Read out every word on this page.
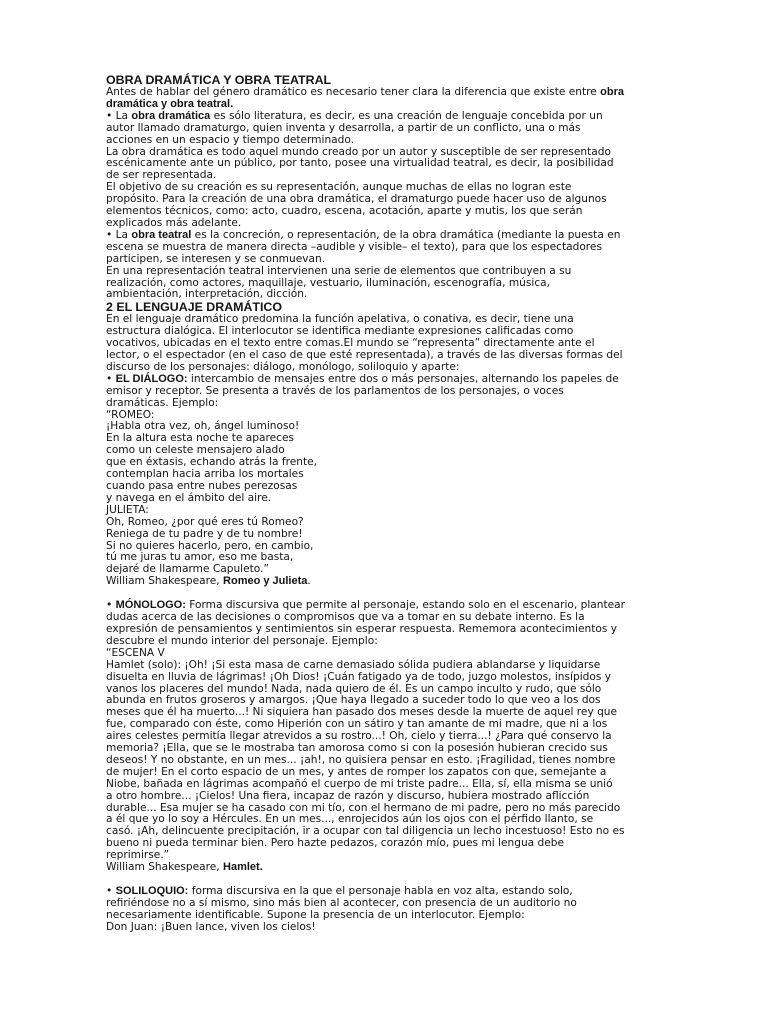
OBRA DRAMÁTICA Y OBRA TEATRAL

Antes de hablar del género dramático es necesario tener clara la diferencia que existe entre obra

dramática y obra teatral.

• La obra dramática es sólo literatura, es decir, es una creación de lenguaje concebida por un

autor llamado dramaturgo, quien inventa y desarrolla, a partir de un conflicto, una o más

acciones en un espacio y tiempo determinado.

La obra dramática es todo aquel mundo creado por un autor y susceptible de ser representado

escénicamente ante un público, por tanto, posee una virtualidad teatral, es decir, la posibilidad

de ser representada.

El objetivo de su creación es su representación, aunque muchas de ellas no logran este

propósito. Para la creación de una obra dramática, el dramaturgo puede hacer uso de algunos

elementos técnicos, como: acto, cuadro, escena, acotación, aparte y mutis, los que serán

explicados más adelante.

• La obra teatral es la concreción, o representación, de la obra dramática (mediante la puesta en

escena se muestra de manera directa –audible y visible– el texto), para que los espectadores

participen, se interesen y se conmuevan.

En una representación teatral intervienen una serie de elementos que contribuyen a su

realización, como actores, maquillaje, vestuario, iluminación, escenografía, música,

ambientación, interpretación, dicción.

2 EL LENGUAJE DRAMÁTICO

En el lenguaje dramático predomina la función apelativa, o conativa, es decir, tiene una

estructura dialógica. El interlocutor se identifica mediante expresiones calificadas como

vocativos, ubicadas en el texto entre comas.El mundo se “representa” directamente ante el

lector, o el espectador (en el caso de que esté representada), a través de las diversas formas del

discurso de los personajes: diálogo, monólogo, soliloquio y aparte:

• EL DIÁLOGO: intercambio de mensajes entre dos o más personajes, alternando los papeles de

emisor y receptor. Se presenta a través de los parlamentos de los personajes, o voces

dramáticas. Ejemplo:

“ROMEO:

¡Habla otra vez, oh, ángel luminoso!

En la altura esta noche te apareces

como un celeste mensajero alado

que en éxtasis, echando atrás la frente,

contemplan hacia arriba los mortales

cuando pasa entre nubes perezosas

y navega en el ámbito del aire.

JULIETA:

Oh, Romeo, ¿por qué eres tú Romeo?

Reniega de tu padre y de tu nombre!

Si no quieres hacerlo, pero, en cambio,

tú me juras tu amor, eso me basta,

dejaré de llamarme Capuleto.”

William Shakespeare, Romeo y Julieta.

• MÓNOLOGO: Forma discursiva que permite al personaje, estando solo en el escenario, plantear

dudas acerca de las decisiones o compromisos que va a tomar en su debate interno. Es la

expresión de pensamientos y sentimientos sin esperar respuesta. Rememora acontecimientos y

descubre el mundo interior del personaje. Ejemplo:

“ESCENA V

Hamlet (solo): ¡Oh! ¡Si esta masa de carne demasiado sólida pudiera ablandarse y liquidarse

disuelta en lluvia de lágrimas! ¡Oh Dios! ¡Cuán fatigado ya de todo, juzgo molestos, insípidos y

vanos los placeres del mundo! Nada, nada quiero de él. Es un campo inculto y rudo, que sólo

abunda en frutos groseros y amargos. ¡Que haya llegado a suceder todo lo que veo a los dos

meses que él ha muerto...! Ni siquiera han pasado dos meses desde la muerte de aquel rey que

fue, comparado con éste, como Hiperión con un sátiro y tan amante de mi madre, que ni a los

aires celestes permitía llegar atrevidos a su rostro...! Oh, cielo y tierra...! ¿Para qué conservo la

memoria? ¡Ella, que se le mostraba tan amorosa como si con la posesión hubieran crecido sus

deseos! Y no obstante, en un mes... ¡ah!, no quisiera pensar en esto. ¡Fragilidad, tienes nombre

de mujer! En el corto espacio de un mes, y antes de romper los zapatos con que, semejante a

Niobe, bañada en lágrimas acompañó el cuerpo de mi triste padre... Ella, sí, ella misma se unió

a otro hombre... ¡Cielos! Una fiera, incapaz de razón y discurso, hubiera mostrado aflicción

durable... Esa mujer se ha casado con mi tío, con el hermano de mi padre, pero no más parecido

a él que yo lo soy a Hércules. En un mes..., enrojecidos aún los ojos con el pérfido llanto, se

casó. ¡Ah, delincuente precipitación, ir a ocupar con tal diligencia un lecho incestuoso! Esto no es

bueno ni pueda terminar bien. Pero hazte pedazos, corazón mío, pues mi lengua debe

reprimirse.”

William Shakespeare, Hamlet.

• SOLILOQUIO: forma discursiva en la que el personaje habla en voz alta, estando solo,

refiriéndose no a sí mismo, sino más bien al acontecer, con presencia de un auditorio no

necesariamente identificable. Supone la presencia de un interlocutor. Ejemplo:

Don Juan: ¡Buen lance, viven los cielos!
